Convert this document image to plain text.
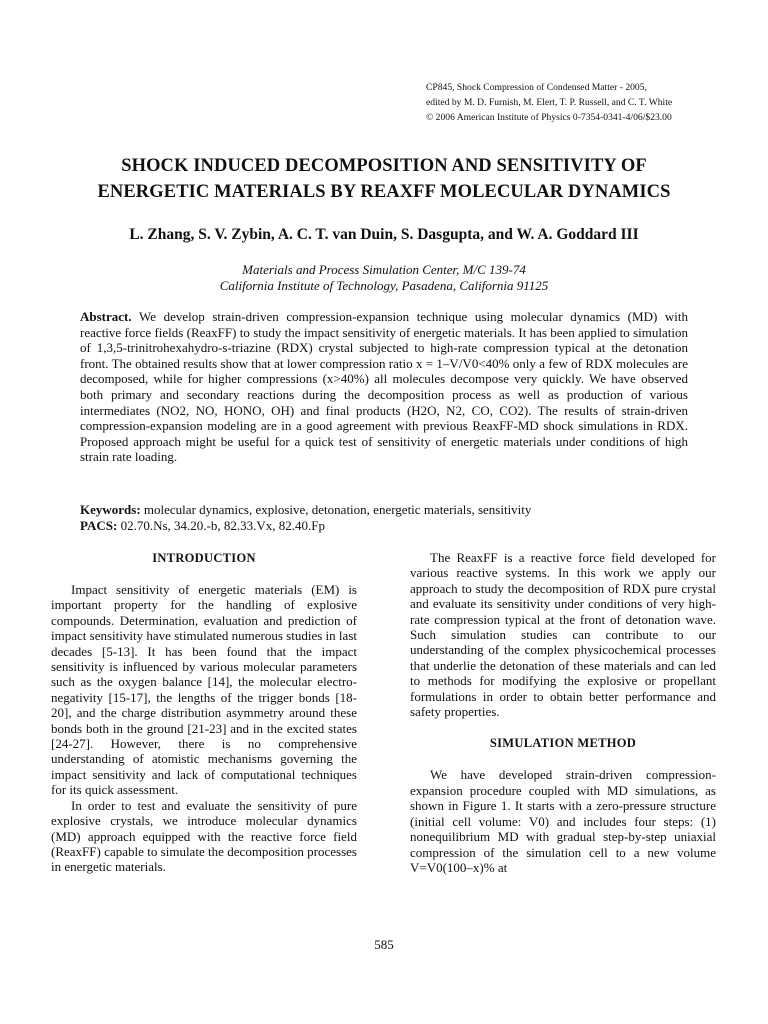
CP845, Shock Compression of Condensed Matter - 2005,
edited by M. D. Furnish, M. Elert, T. P. Russell, and C. T. White
© 2006 American Institute of Physics 0-7354-0341-4/06/$23.00
SHOCK INDUCED DECOMPOSITION AND SENSITIVITY OF
ENERGETIC MATERIALS BY REAXFF MOLECULAR DYNAMICS
L. Zhang, S. V. Zybin, A. C. T. van Duin, S. Dasgupta, and W. A. Goddard III
Materials and Process Simulation Center, M/C 139-74
California Institute of Technology, Pasadena, California 91125
Abstract. We develop strain-driven compression-expansion technique using molecular dynamics (MD) with reactive force fields (ReaxFF) to study the impact sensitivity of energetic materials. It has been applied to simulation of 1,3,5-trinitrohexahydro-s-triazine (RDX) crystal subjected to high-rate compression typical at the detonation front. The obtained results show that at lower compression ratio x = 1–V/V0<40% only a few of RDX molecules are decomposed, while for higher compressions (x>40%) all molecules decompose very quickly. We have observed both primary and secondary reactions during the decomposition process as well as production of various intermediates (NO2, NO, HONO, OH) and final products (H2O, N2, CO, CO2). The results of strain-driven compression-expansion modeling are in a good agreement with previous ReaxFF-MD shock simulations in RDX. Proposed approach might be useful for a quick test of sensitivity of energetic materials under conditions of high strain rate loading.
Keywords: molecular dynamics, explosive, detonation, energetic materials, sensitivity
PACS: 02.70.Ns, 34.20.-b, 82.33.Vx, 82.40.Fp

INTRODUCTION

Impact sensitivity of energetic materials (EM) is important property for the handling of explosive compounds. Determination, evaluation and prediction of impact sensitivity have stimulated numerous studies in last decades [5-13]. It has been found that the impact sensitivity is influenced by various molecular parameters such as the oxygen balance [14], the molecular electro-negativity [15-17], the lengths of the trigger bonds [18-20], and the charge distribution asymmetry around these bonds both in the ground [21-23] and in the excited states [24-27]. However, there is no comprehensive understanding of atomistic mechanisms governing the impact sensitivity and lack of computational techniques for its quick assessment.

In order to test and evaluate the sensitivity of pure explosive crystals, we introduce molecular dynamics (MD) approach equipped with the reactive force field (ReaxFF) capable to simulate the decomposition processes in energetic materials.

The ReaxFF is a reactive force field developed for various reactive systems. In this work we apply our approach to study the decomposition of RDX pure crystal and evaluate its sensitivity under conditions of very high-rate compression typical at the front of detonation wave. Such simulation studies can contribute to our understanding of the complex physicochemical processes that underlie the detonation of these materials and can led to methods for modifying the explosive or propellant formulations in order to obtain better performance and safety properties.

SIMULATION METHOD

We have developed strain-driven compression-expansion procedure coupled with MD simulations, as shown in Figure 1. It starts with a zero-pressure structure (initial cell volume: V0) and includes four steps: (1) nonequilibrium MD with gradual step-by-step uniaxial compression of the simulation cell to a new volume V=V0(100–x)% at

585
